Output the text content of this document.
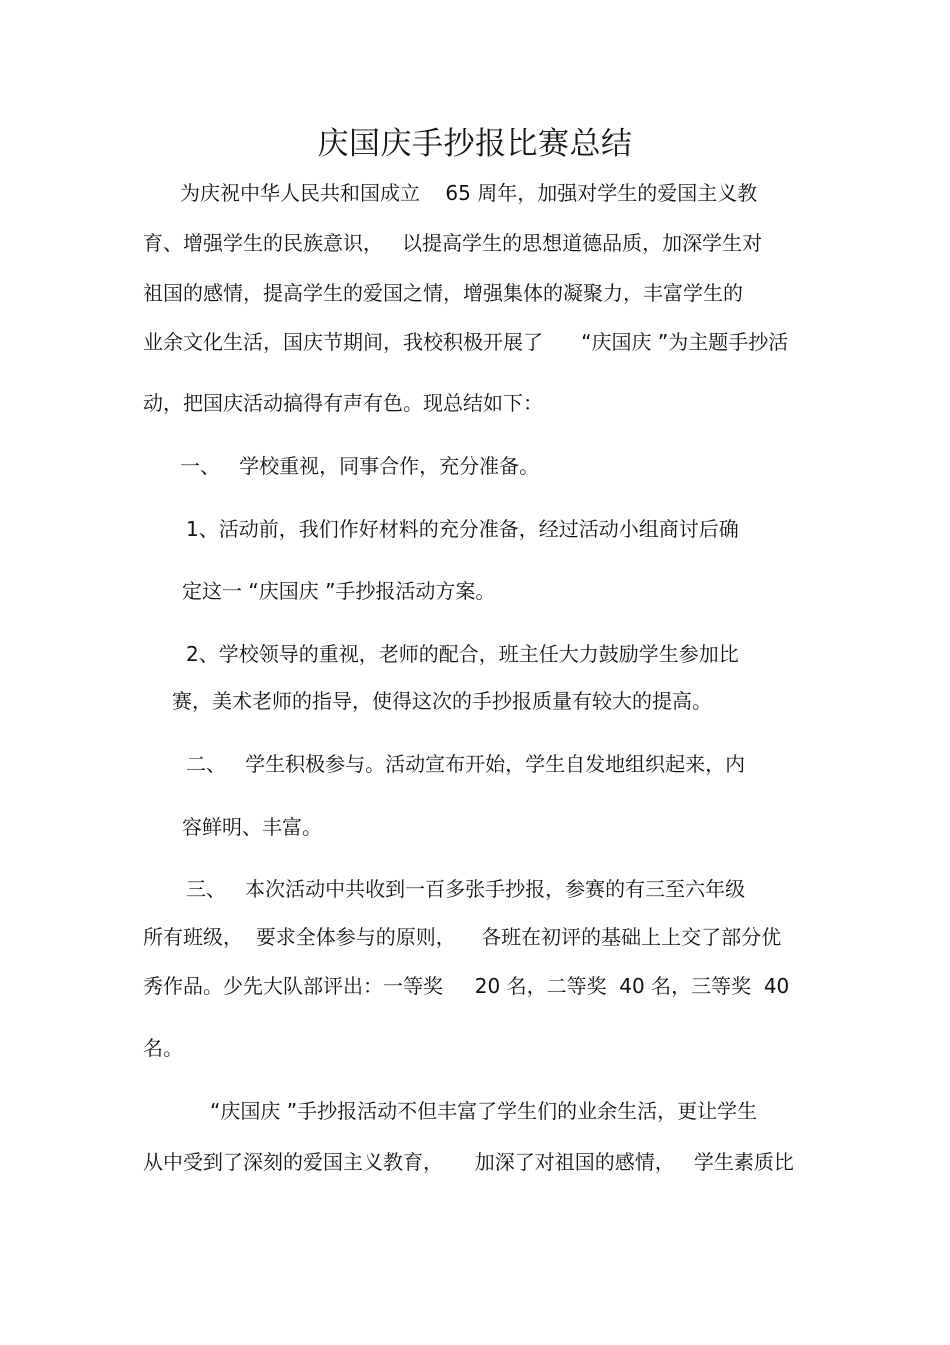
庆国庆手抄报比赛总结
为庆祝中华人民共和国成立    65 周年，加强对学生的爱国主义教
育、增强学生的民族意识，   以提高学生的思想道德品质，加深学生对
祖国的感情，提高学生的爱国之情，增强集体的凝聚力，丰富学生的
业余文化生活，国庆节期间，我校积极开展了      “庆国庆 ”为主题手抄活
动，把国庆活动搞得有声有色。现总结如下：
一、   学校重视，同事合作，充分准备。
1、活动前，我们作好材料的充分准备，经过活动小组商讨后确
定这一 “庆国庆 ”手抄报活动方案。
2、学校领导的重视，老师的配合，班主任大力鼓励学生参加比
赛，美术老师的指导，使得这次的手抄报质量有较大的提高。
二、   学生积极参与。活动宣布开始，学生自发地组织起来，内
容鲜明、丰富。
三、   本次活动中共收到一百多张手抄报，参赛的有三至六年级
所有班级，  要求全体参与的原则，    各班在初评的基础上上交了部分优
秀作品。少先大队部评出：一等奖     20 名，二等奖  40 名，三等奖  40
名。
“庆国庆 ”手抄报活动不但丰富了学生们的业余生活，更让学生
从中受到了深刻的爱国主义教育，     加深了对祖国的感情，   学生素质比
